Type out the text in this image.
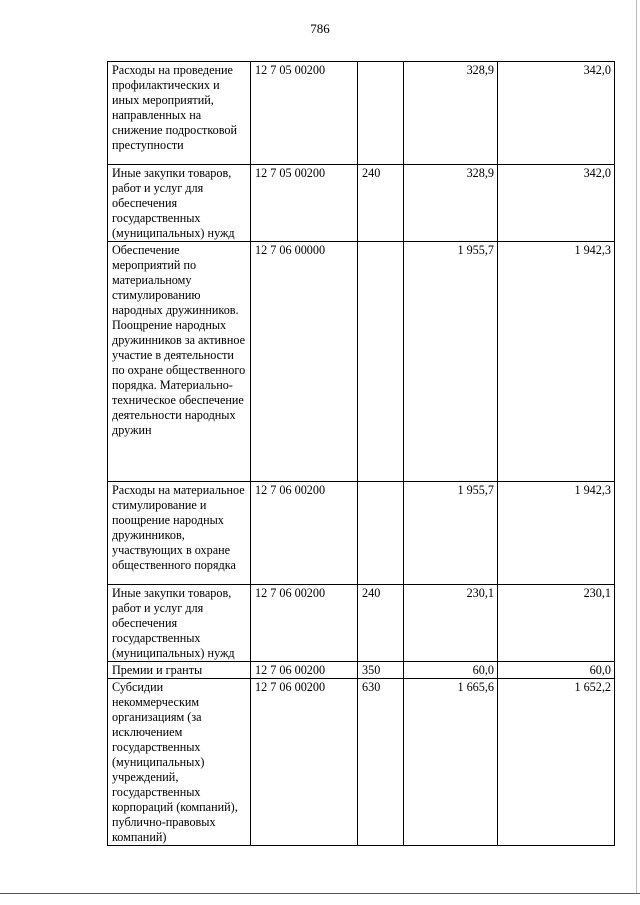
786
Расходы на проведение профилактических и иных мероприятий, направленных на снижение подростковой преступности	12 7 05 00200		328,9	342,0
Иные закупки товаров, работ и услуг для обеспечения государственных (муниципальных) нужд	12 7 05 00200	240	328,9	342,0
Обеспечение мероприятий по материальному стимулированию народных дружинников. Поощрение народных дружинников за активное участие в деятельности по охране общественного порядка. Материально-техническое обеспечение деятельности народных дружин	12 7 06 00000		1 955,7	1 942,3
Расходы на материальное стимулирование и поощрение народных дружинников, участвующих в охране общественного порядка	12 7 06 00200		1 955,7	1 942,3
Иные закупки товаров, работ и услуг для обеспечения государственных (муниципальных) нужд	12 7 06 00200	240	230,1	230,1
Премии и гранты	12 7 06 00200	350	60,0	60,0
Субсидии некоммерческим организациям (за исключением государственных (муниципальных) учреждений, государственных корпораций (компаний), публично-правовых компаний)	12 7 06 00200	630	1 665,6	1 652,2
